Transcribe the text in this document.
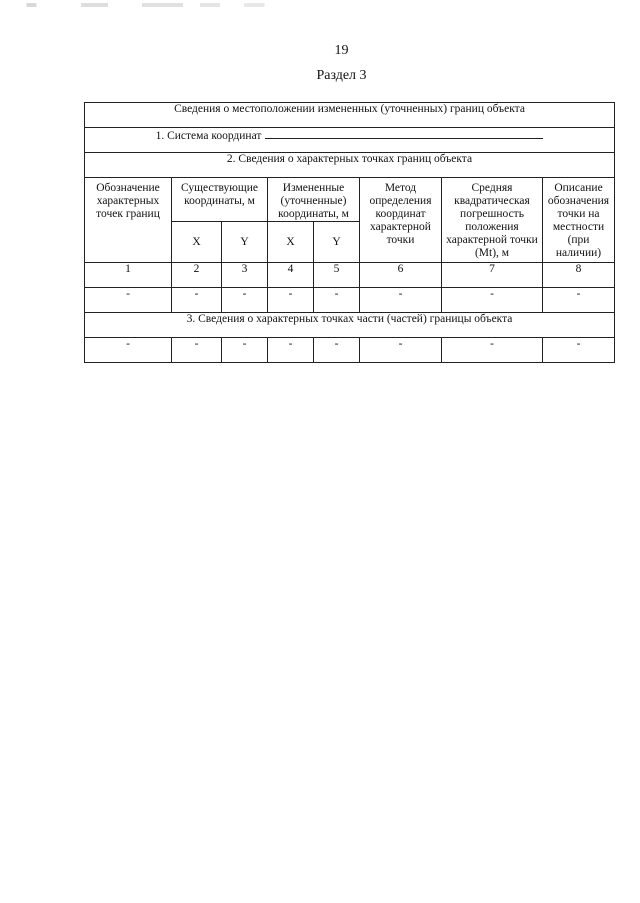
19
Раздел 3
Сведения о местоположении измененных (уточненных) границ объекта							
1. Система координат							
2. Сведения о характерных точках границ объекта							
Обозначение характерных точек границ	Существующие координаты, м		Измененные (уточненные) координаты, м		Метод определения координат характерной точки	Средняя квадратическая погрешность положения характерной точки (Mt), м	Описание обозначения точки на местности (при наличии)
	X	Y	X	Y			
1	2	3	4	5	6	7	8
-	-	-	-	-	-	-	-
3. Сведения о характерных точках части (частей) границы объекта							
-	-	-	-	-	-	-	-
